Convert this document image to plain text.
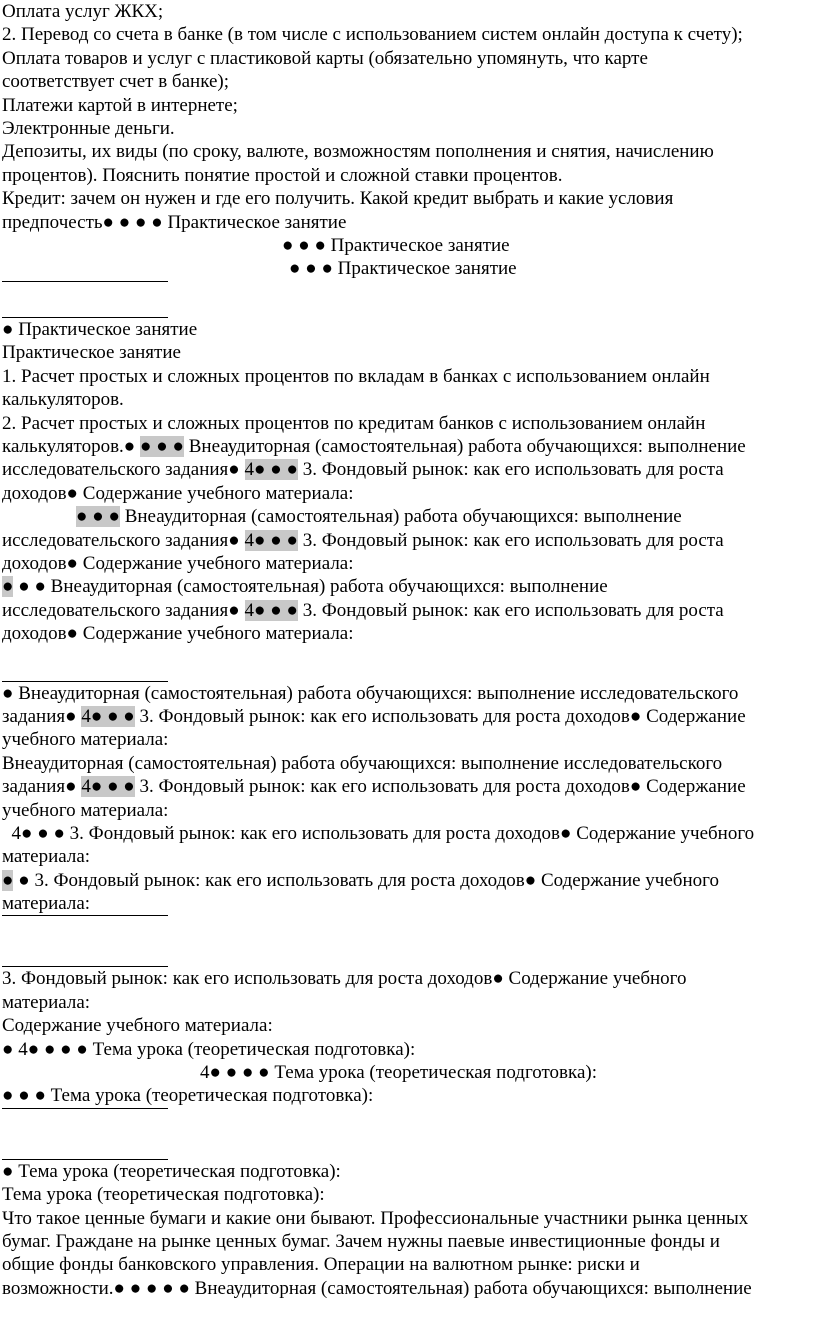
Оплата услуг ЖКХ;
2. Перевод со счета в банке (в том числе с использованием систем онлайн доступа к счету);
Оплата товаров и услуг с пластиковой карты (обязательно упомянуть, что карте
соответствует счет в банке);
Платежи картой в интернете;
Электронные деньги.
Депозиты, их виды (по сроку, валюте, возможностям пополнения и снятия, начислению
процентов). Пояснить понятие простой и сложной ставки процентов.
Кредит: зачем он нужен и где его получить. Какой кредит выбрать и какие условия
предпочесть● ● ● ● Практическое занятие
● ● ● Практическое занятие
● ● ● Практическое занятие
● Практическое занятие
Практическое занятие
1. Расчет простых и сложных процентов по вкладам в банках с использованием онлайн
калькуляторов.
2. Расчет простых и сложных процентов по кредитам банков с использованием онлайн
калькуляторов.● ● ● ● Внеаудиторная (самостоятельная) работа обучающихся: выполнение
исследовательского задания● 4● ● ● 3. Фондовый рынок: как его использовать для роста
доходов● Содержание учебного материала:
● ● ● Внеаудиторная (самостоятельная) работа обучающихся: выполнение
исследовательского задания● 4● ● ● 3. Фондовый рынок: как его использовать для роста
доходов● Содержание учебного материала:
● ● ● Внеаудиторная (самостоятельная) работа обучающихся: выполнение
исследовательского задания● 4● ● ● 3. Фондовый рынок: как его использовать для роста
доходов● Содержание учебного материала:
● Внеаудиторная (самостоятельная) работа обучающихся: выполнение исследовательского
задания● 4● ● ● 3. Фондовый рынок: как его использовать для роста доходов● Содержание
учебного материала:
Внеаудиторная (самостоятельная) работа обучающихся: выполнение исследовательского
задания● 4● ● ● 3. Фондовый рынок: как его использовать для роста доходов● Содержание
учебного материала:
4● ● ● 3. Фондовый рынок: как его использовать для роста доходов● Содержание учебного
материала:
● ● 3. Фондовый рынок: как его использовать для роста доходов● Содержание учебного
материала:
3. Фондовый рынок: как его использовать для роста доходов● Содержание учебного
материала:
Содержание учебного материала:
● 4● ● ● ● Тема урока (теоретическая подготовка):
4● ● ● ● Тема урока (теоретическая подготовка):
● ● ● Тема урока (теоретическая подготовка):
● Тема урока (теоретическая подготовка):
Тема урока (теоретическая подготовка):
Что такое ценные бумаги и какие они бывают. Профессиональные участники рынка ценных
бумаг. Граждане на рынке ценных бумаг. Зачем нужны паевые инвестиционные фонды и
общие фонды банковского управления. Операции на валютном рынке: риски и
возможности.● ● ● ● ● Внеаудиторная (самостоятельная) работа обучающихся: выполнение
